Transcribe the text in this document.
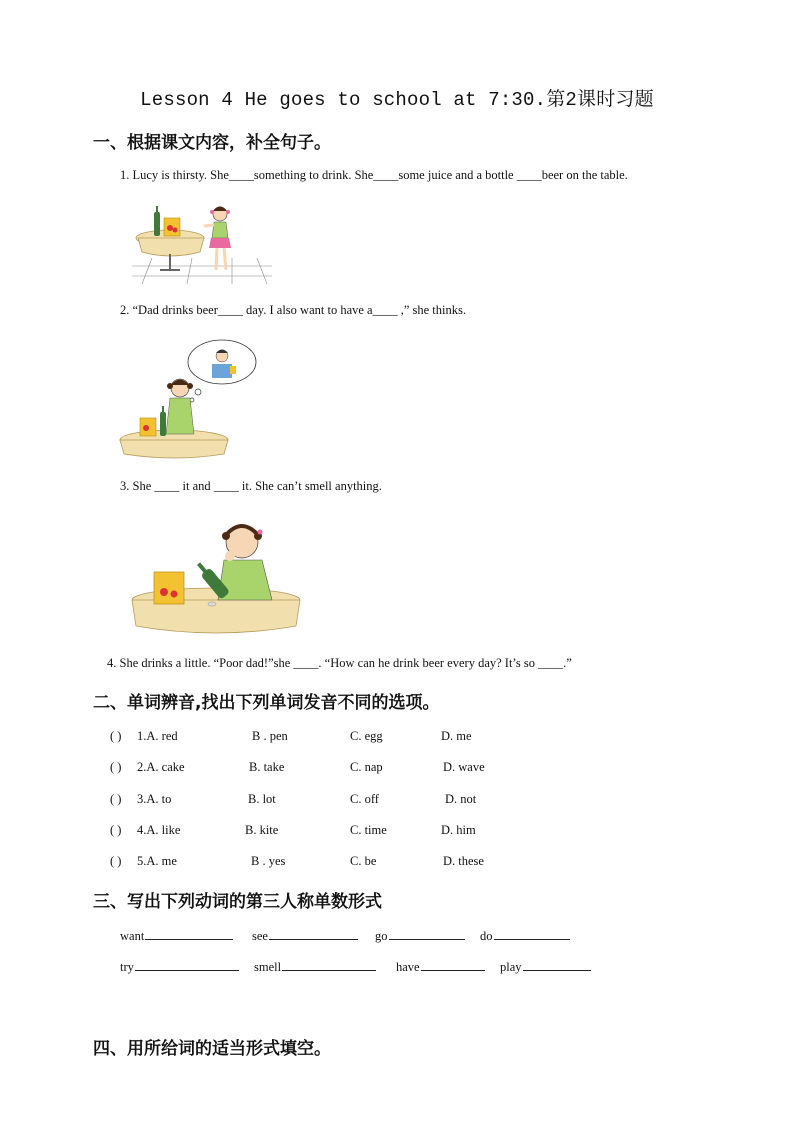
Lesson 4 He goes to school at 7:30.第2课时习题
一、根据课文内容，补全句子。
1. Lucy is thirsty. She____something to drink. She____some juice and a bottle ____beer on the table.
2. “Dad drinks beer____ day. I also want to have a____ ,” she thinks.
3. She ____ it and ____ it. She can’t smell anything.
4. She drinks a little. “Poor dad!”she ____. “How can he drink beer every day? It’s so ____.”
二、单词辨音,找出下列单词发音不同的选项。
( ) 1.A. red	B . pen	C. egg	D. me
( ) 2.A. cake	B. take	C. nap	D. wave
( ) 3.A. to	B. lot	C. off	D. not
( ) 4.A. like	B. kite	C. time	D. him
( ) 5.A. me	B . yes	C. be	D. these
三、写出下列动词的第三人称单数形式
want	see	go	do
try	smell	have	play
四、用所给词的适当形式填空。
